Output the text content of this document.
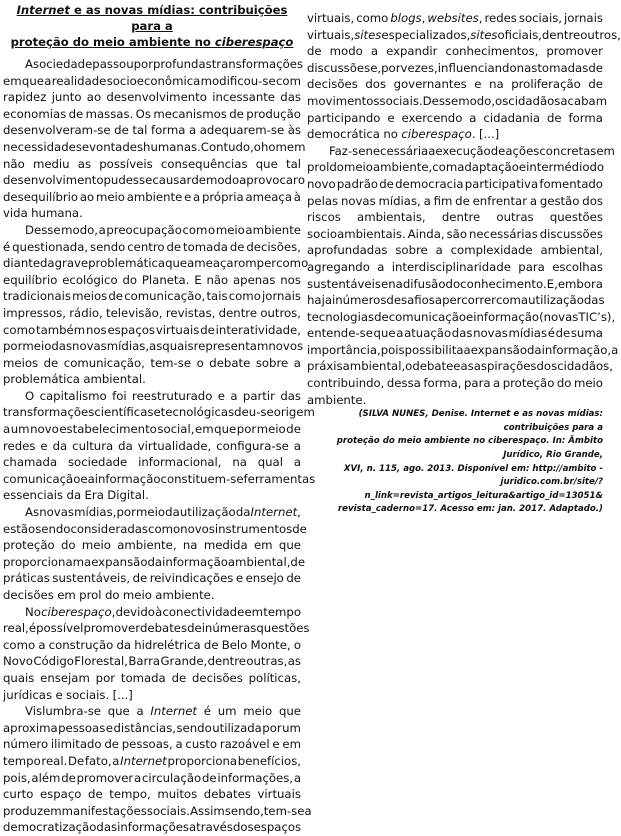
Internet e as novas mídias: contribuições para a
proteção do meio ambiente no ciberespaço
A sociedade passou por profundas transformações
em que a realidade socioeconômica modificou-se com
rapidez junto ao desenvolvimento incessante das
economias de massas. Os mecanismos de produção
desenvolveram-se de tal forma a adequarem-se às
necessidades e vontades humanas. Contudo, o homem
não mediu as possíveis consequências que tal
desenvolvimento pudesse causar de modo a provocar o
desequilíbrio ao meio ambiente e a própria ameaça à
vida humana.
Desse modo, a preocupação com o meio ambiente
é questionada, sendo centro de tomada de decisões,
diante da grave problemática que ameaça romper com o
equilíbrio ecológico do Planeta. E não apenas nos
tradicionais meios de comunicação, tais como jornais
impressos, rádio, televisão, revistas, dentre outros,
como também nos espaços virtuais de interatividade,
por meio das novas mídias, as quais representam novos
meios de comunicação, tem-se o debate sobre a
problemática ambiental.
O capitalismo foi reestruturado e a partir das
transformações científicas e tecnológicas deu-se origem
a um novo estabelecimento social, em que por meio de
redes e da cultura da virtualidade, configura-se a
chamada sociedade informacional, na qual a
comunicação e a informação constituem-se ferramentas
essenciais da Era Digital.
As novas mídias, por meio da utilização da Internet,
estão sendo consideradas como novos instrumentos de
proteção do meio ambiente, na medida em que
proporcionam a expansão da informação ambiental, de
práticas sustentáveis, de reivindicações e ensejo de
decisões em prol do meio ambiente.
No ciberespaço, devido à conectividade em tempo
real, é possível promover debates de inúmeras questões
como a construção da hidrelétrica de Belo Monte, o
Novo Código Florestal, Barra Grande, dentre outras, as
quais ensejam por tomada de decisões políticas,
jurídicas e sociais. [...]
Vislumbra-se que a Internet é um meio que
aproxima pessoas e distâncias, sendo utilizada por um
número ilimitado de pessoas, a custo razoável e em
tempo real. De fato, a Internet proporciona benefícios,
pois, além de promover a circulação de informações, a
curto espaço de tempo, muitos debates virtuais
produzem manifestações sociais. Assim sendo, tem-se a
democratização das informações através dos espaços
virtuais, como blogs, websites, redes sociais, jornais
virtuais, sites especializados, sites oficiais, dentre outros,
de modo a expandir conhecimentos, promover
discussões e, por vezes, influenciando nas tomadas de
decisões dos governantes e na proliferação de
movimentos sociais. Desse modo, os cidadãos acabam
participando e exercendo a cidadania de forma
democrática no ciberespaço. [...]
Faz-se necessária a execução de ações concretas em
prol do meio ambiente, com adaptação e intermédio do
novo padrão de democracia participativa fomentado
pelas novas mídias, a fim de enfrentar a gestão dos
riscos ambientais, dentre outras questões
socioambientais. Ainda, são necessárias discussões
aprofundadas sobre a complexidade ambiental,
agregando a interdisciplinaridade para escolhas
sustentáveis e na difusão do conhecimento. E, embora
haja inúmeros desafios a percorrer com a utilização das
tecnologias de comunicação e informação (novas TIC’s),
entende-se que a atuação das novas mídias é de suma
importância, pois possibilita a expansão da informação, a
práxis ambiental, o debate e as aspirações dos cidadãos,
contribuindo, dessa forma, para a proteção do meio
ambiente.
(SILVA NUNES, Denise. Internet e as novas mídias: contribuições para a
proteção do meio ambiente no ciberespaço. In: Âmbito Jurídico, Rio Grande,
XVI, n. 115, ago. 2013. Disponível em: http://ambito -
juridico.com.br/site/?n_link=revista_artigos_leitura&artigo_id=13051&
revista_caderno=17. Acesso em: jan. 2017. Adaptado.)
